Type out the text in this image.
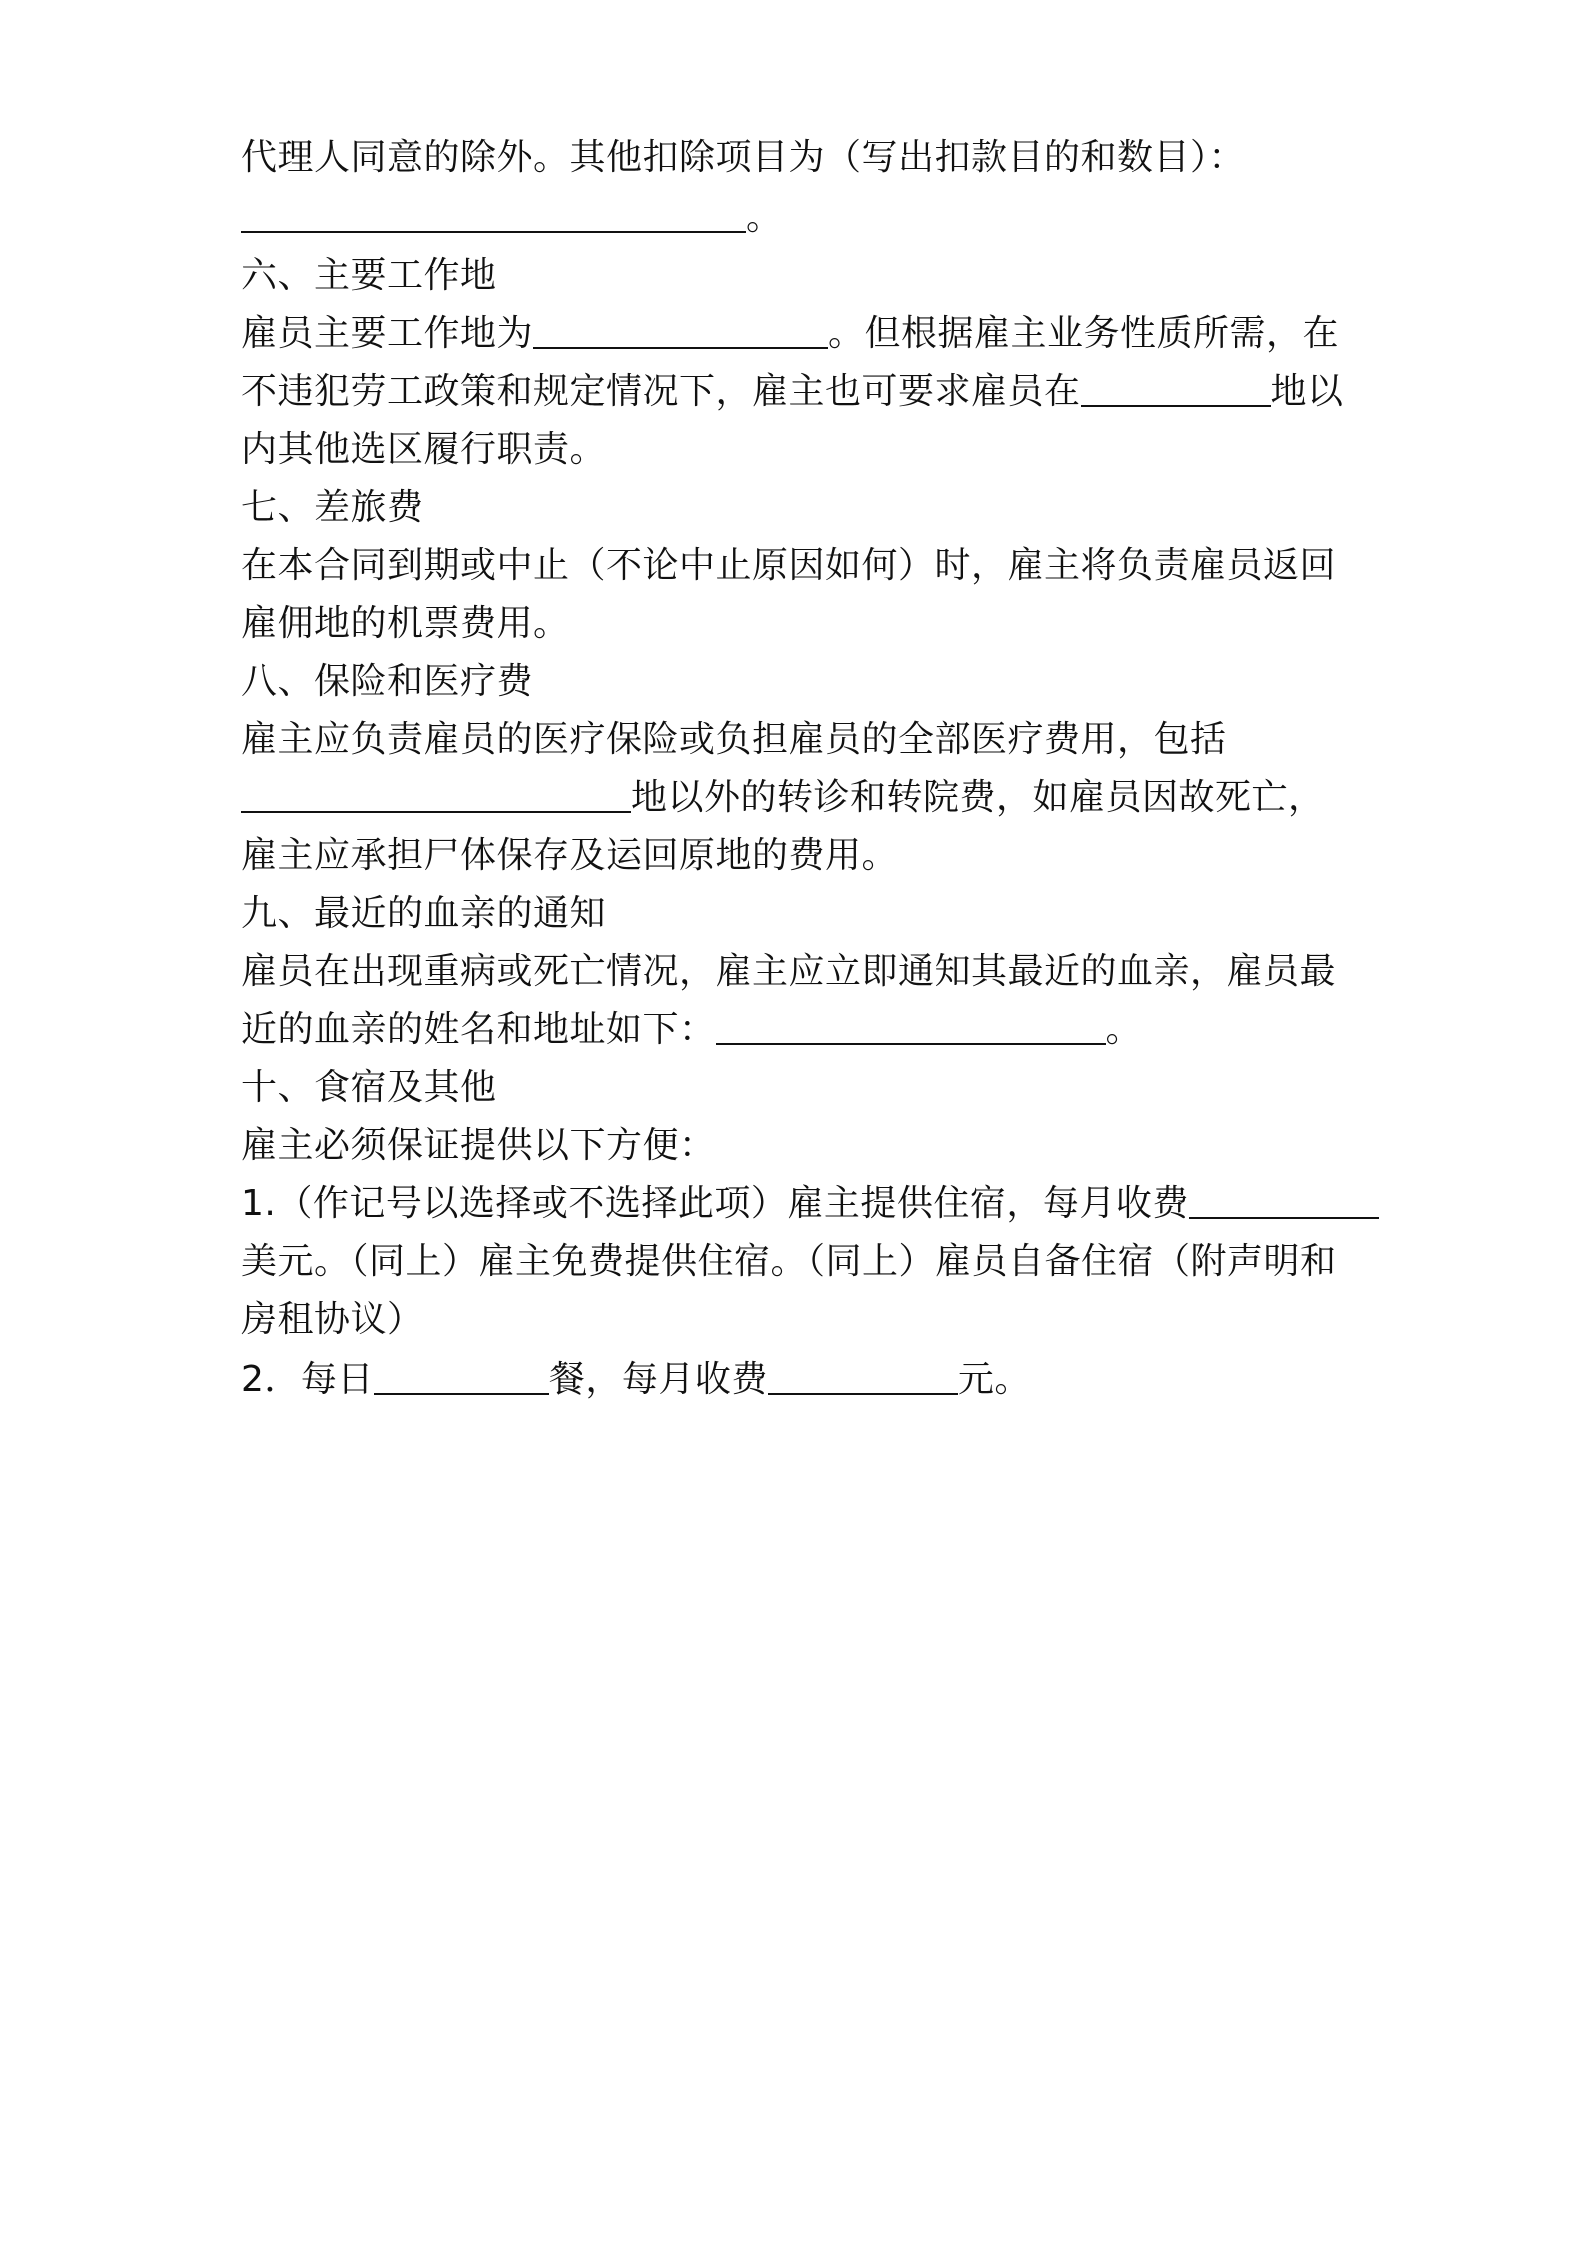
代理人同意的除外。其他扣除项目为（写出扣款目的和数目）：
。
六、主要工作地
雇员主要工作地为	。但根据雇主业务性质所需，在
不违犯劳工政策和规定情况下，雇主也可要求雇员在	地以
内其他选区履行职责。
七、差旅费
在本合同到期或中止（不论中止原因如何）时，雇主将负责雇员返回
雇佣地的机票费用。
八、保险和医疗费
雇主应负责雇员的医疗保险或负担雇员的全部医疗费用，包括
地以外的转诊和转院费，如雇员因故死亡，
雇主应承担尸体保存及运回原地的费用。
九、最近的血亲的通知
雇员在出现重病或死亡情况，雇主应立即通知其最近的血亲，雇员最
近的血亲的姓名和地址如下：	。
十、食宿及其他
雇主必须保证提供以下方便：
1.（作记号以选择或不选择此项）雇主提供住宿，每月收费
美元。（同上）雇主免费提供住宿。（同上）雇员自备住宿（附声明和
房租协议）
2．每日	餐，每月收费	元。
